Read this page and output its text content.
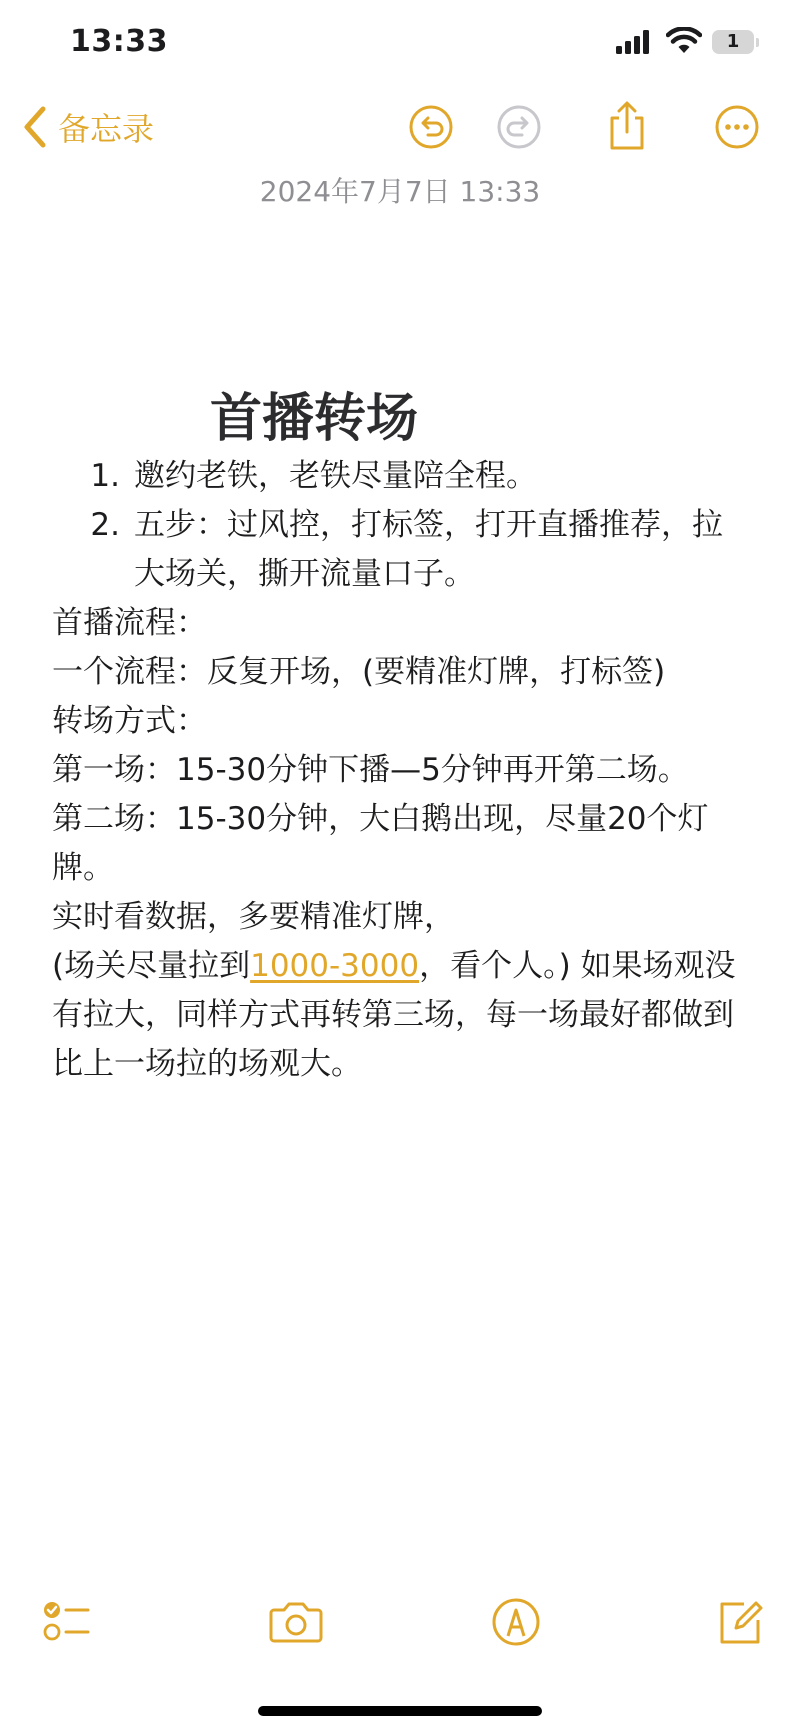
13:33	1
备忘录
2024年7月7日 13:33
首播转场
1. 邀约老铁，老铁尽量陪全程。
2. 五步：过风控，打标签，打开直播推荐，拉大场关，撕开流量口子。

首播流程：

一个流程：反复开场，(要精准灯牌，打标签)

转场方式：

第一场：15-30分钟下播—5分钟再开第二场。

第二场：15-30分钟，大白鹅出现，尽量20个灯牌。

实时看数据，多要精准灯牌，

(场关尽量拉到1000-3000，看个人。) 如果场观没有拉大，同样方式再转第三场，每一场最好都做到比上一场拉的场观大。
